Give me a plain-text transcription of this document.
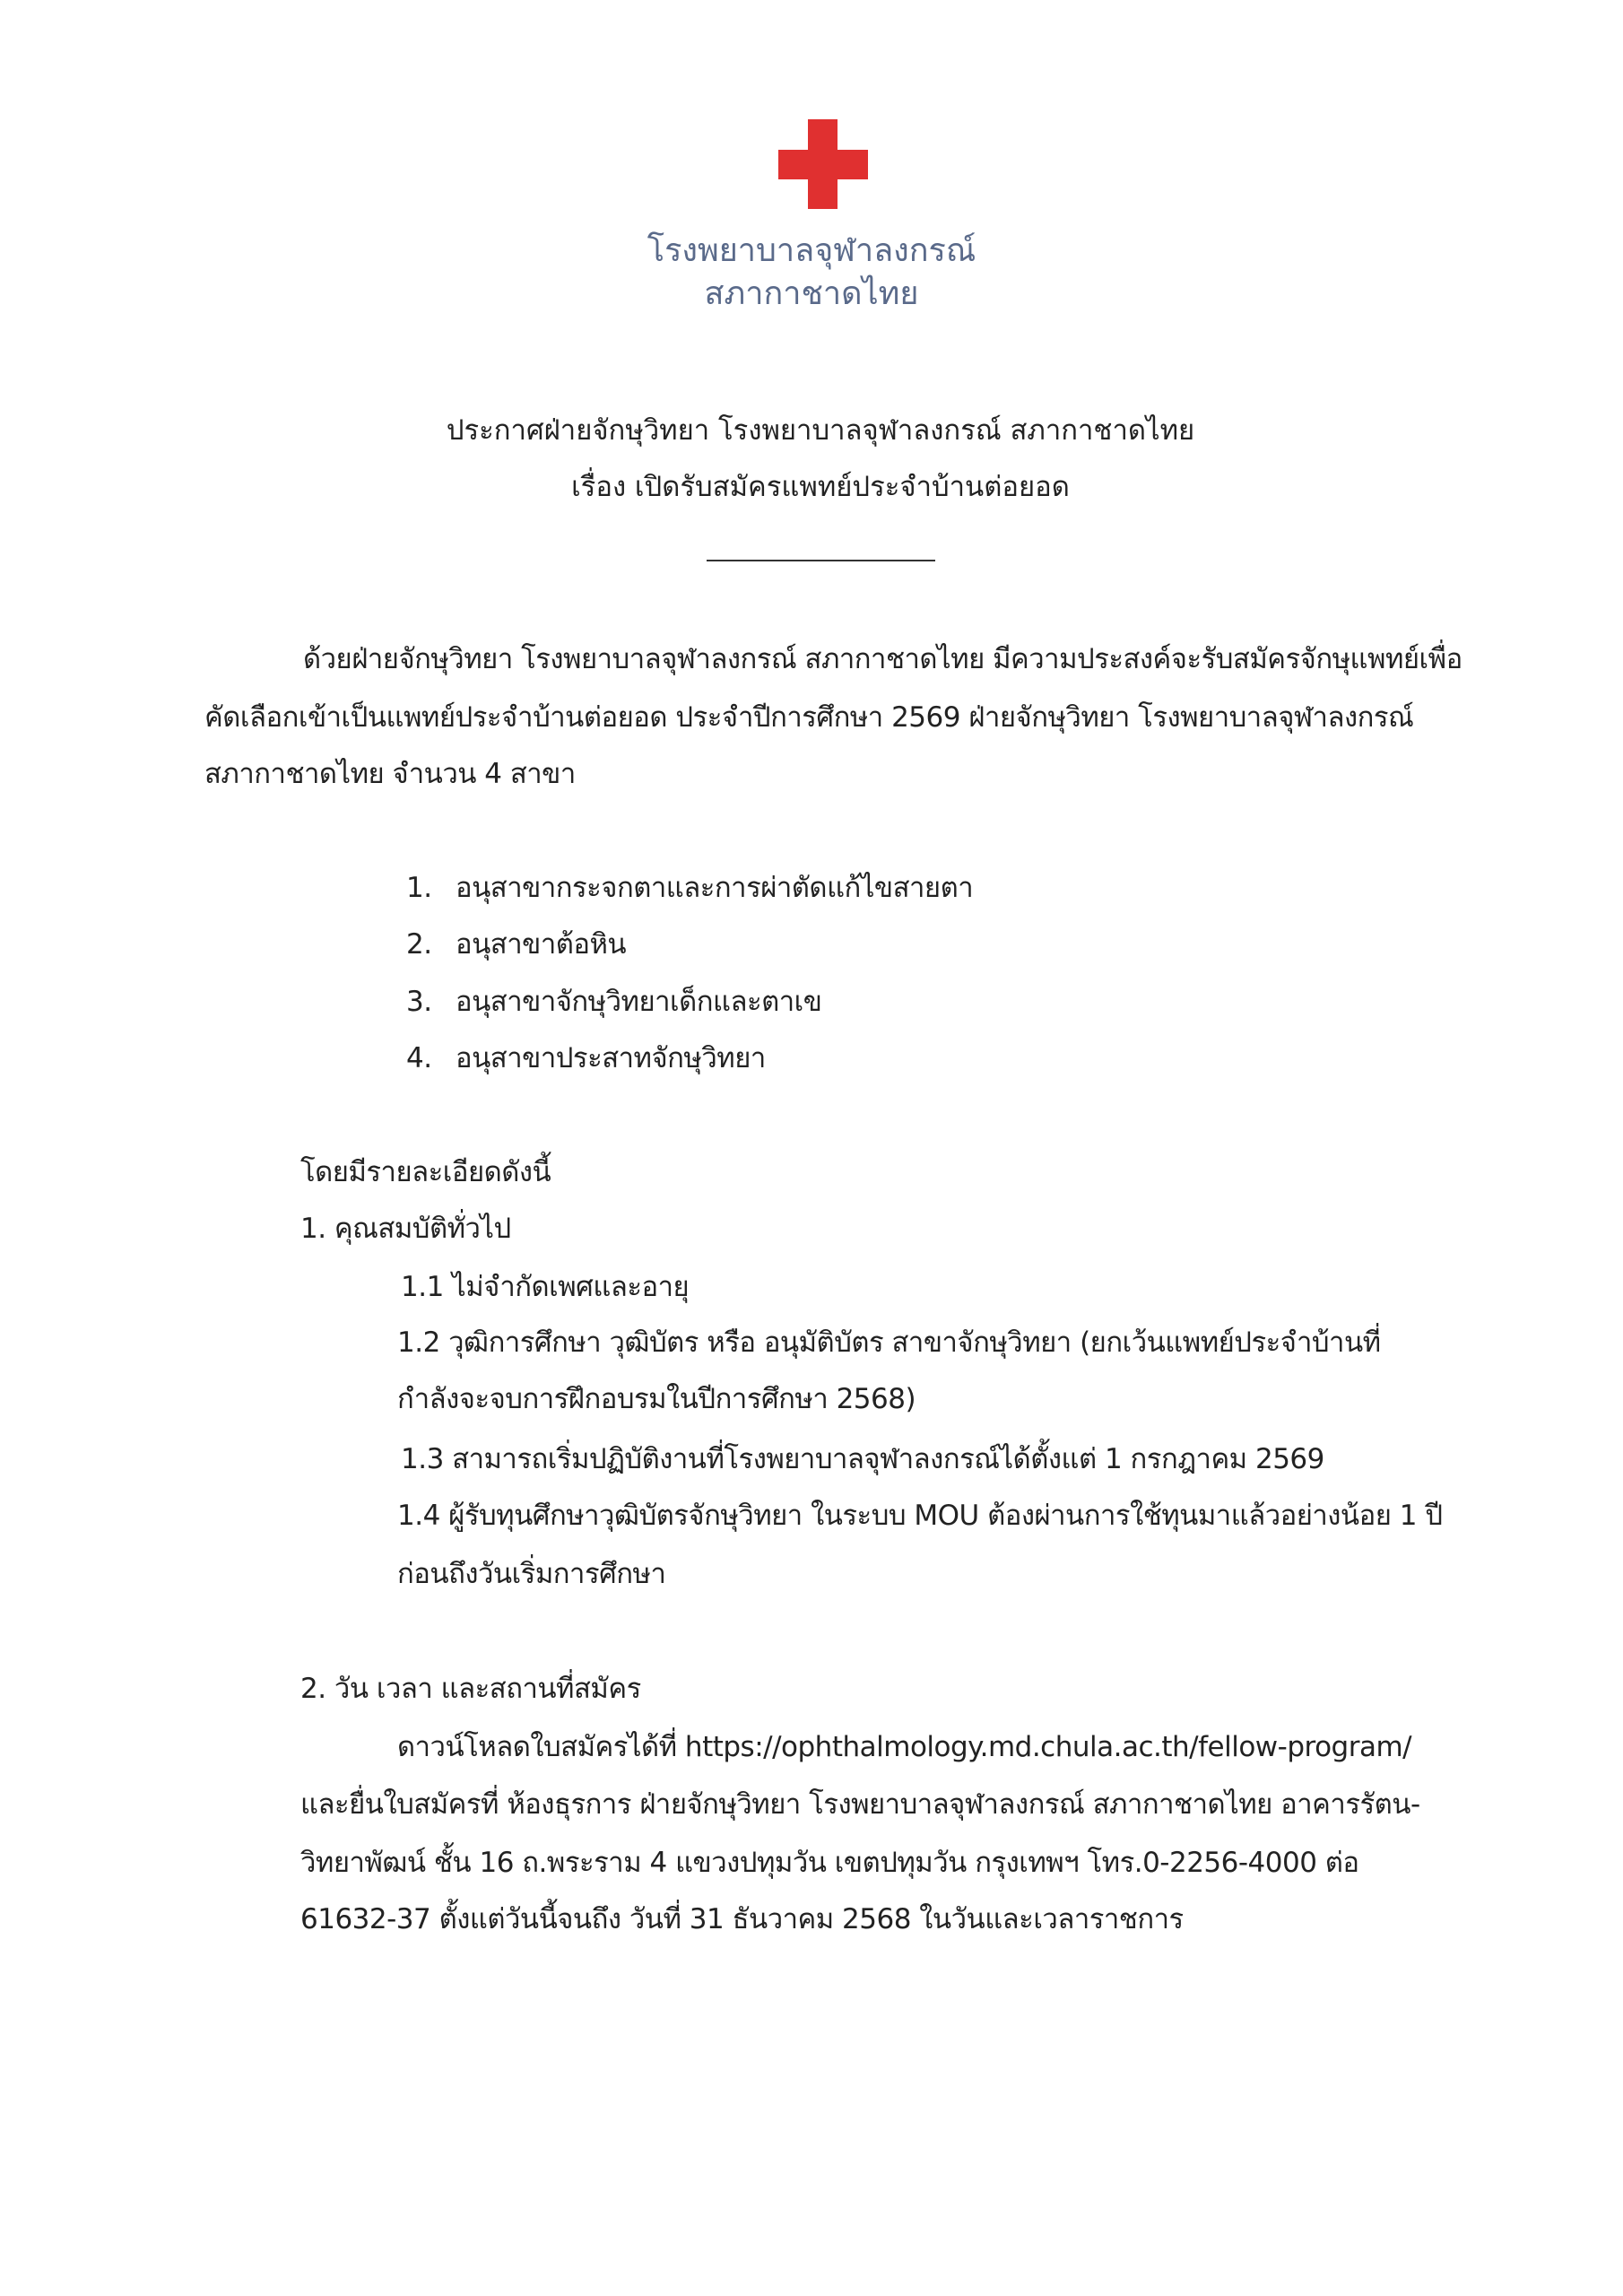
โรงพยาบาลจุฬาลงกรณ์
สภากาชาดไทย
ประกาศฝ่ายจักษุวิทยา โรงพยาบาลจุฬาลงกรณ์ สภากาชาดไทย
เรื่อง เปิดรับสมัครแพทย์ประจำบ้านต่อยอด
ด้วยฝ่ายจักษุวิทยา โรงพยาบาลจุฬาลงกรณ์ สภากาชาดไทย มีความประสงค์จะรับสมัครจักษุแพทย์เพื่อ
คัดเลือกเข้าเป็นแพทย์ประจำบ้านต่อยอด ประจำปีการศึกษา 2569 ฝ่ายจักษุวิทยา โรงพยาบาลจุฬาลงกรณ์
สภากาชาดไทย จำนวน 4 สาขา
1. อนุสาขากระจกตาและการผ่าตัดแก้ไขสายตา
2. อนุสาขาต้อหิน
3. อนุสาขาจักษุวิทยาเด็กและตาเข
4. อนุสาขาประสาทจักษุวิทยา
โดยมีรายละเอียดดังนี้
1. คุณสมบัติทั่วไป
1.1 ไม่จำกัดเพศและอายุ
1.2 วุฒิการศึกษา วุฒิบัตร หรือ อนุมัติบัตร สาขาจักษุวิทยา (ยกเว้นแพทย์ประจำบ้านที่
กำลังจะจบการฝึกอบรมในปีการศึกษา 2568)
1.3 สามารถเริ่มปฏิบัติงานที่โรงพยาบาลจุฬาลงกรณ์ได้ตั้งแต่ 1 กรกฎาคม 2569
1.4 ผู้รับทุนศึกษาวุฒิบัตรจักษุวิทยา ในระบบ MOU ต้องผ่านการใช้ทุนมาแล้วอย่างน้อย 1 ปี
ก่อนถึงวันเริ่มการศึกษา
2. วัน เวลา และสถานที่สมัคร
ดาวน์โหลดใบสมัครได้ที่ https://ophthalmology.md.chula.ac.th/fellow-program/
และยื่นใบสมัครที่ ห้องธุรการ ฝ่ายจักษุวิทยา โรงพยาบาลจุฬาลงกรณ์ สภากาชาดไทย อาคารรัตน-
วิทยาพัฒน์ ชั้น 16 ถ.พระราม 4 แขวงปทุมวัน เขตปทุมวัน กรุงเทพฯ โทร.0-2256-4000 ต่อ
61632-37 ตั้งแต่วันนี้จนถึง วันที่ 31 ธันวาคม 2568 ในวันและเวลาราชการ
